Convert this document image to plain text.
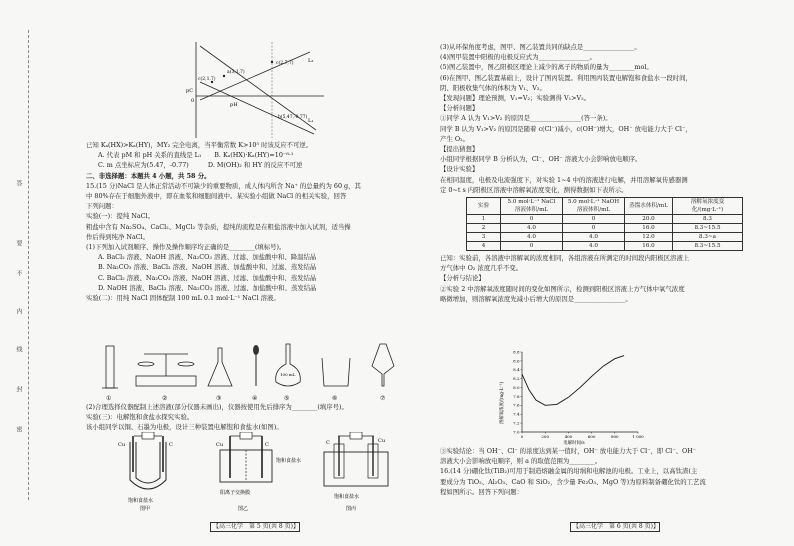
答
要
不
内
线
封
密
pC
0
pH
a(3,1.7)
c(2,1.7)
c(2.7,7)
b(5,47,-0.77)
L₂
L₁

已知 Kₐ(HX)>Kₐ(HY)，MY₂ 完全电离，当平衡常数 K>10⁵ 时该反应不可逆。

A. 代表 pM 和 pH 关系的直线是 L₁　　B. Kₐ(HX)·Kₐ(HY)=10⁻⁸·¹

C. m 点坐标应为(5.47，-0.77)　　　D. M(OH)₂ 和 HY 的反应不可逆

二、非选择题：本题共 4 小题，共 58 分。

15.(15 分)NaCl 是人体正常活动不可缺少的重要物质，成人体内所含 Na⁺ 的总量约为 60 g，其

中 80%存在于细胞外液中，即在血浆和细胞间液中。某实验小组做 NaCl 的相关实验，回答

下列问题：

实验(一)：提纯 NaCl。

粗盐中含有 Na₂SO₄、CaCl₂、MgCl₂ 等杂质，提纯的流程是在粗盐溶液中加入试剂，适当操

作后得到纯净 NaCl。

(1)下列加入试剂顺序、操作及操作顺序均正确的是________(填标号)。

A. BaCl₂ 溶液、NaOH 溶液、Na₂CO₃ 溶液、过滤、加盐酸中和、降温结晶

B. Na₂CO₃ 溶液、BaCl₂ 溶液、NaOH 溶液、加盐酸中和、过滤、蒸发结晶

C. BaCl₂ 溶液、Na₂CO₃ 溶液、NaOH 溶液、过滤、加盐酸中和、蒸发结晶

D. NaOH 溶液、BaCl₂ 溶液、Na₂CO₃ 溶液、过滤、加盐酸中和、蒸发结晶

实验(二)：用纯 NaCl 固体配制 100 mL 0.1 mol·L⁻¹ NaCl 溶液。

100 mL
①	②	③	④	⑤	⑥	⑦

(2)合理选择仪器配制上述溶液(部分仪器未画出)，仪器按使用先后排序为________(填序号)。

实验(三)：电解饱和食盐水探究实验。

该小组同学以铜、石墨为电极，设计三种装置电解饱和食盐水(如图)。

Cu	C
饱和食盐水
图甲
Cu	C
饱和食盐水
阳离子交换膜
图乙
C	Cu
饱和食盐水
图丙
【高三化学　第 5 页(共 8 页)】

(3)从环保角度考虑，图甲、图乙装置共同的缺点是________________。

(4)图甲装置中阳极的电极反应式为________________。

(5)图乙装置中，图乙阳极区理论上减少的离子的物质的量为________mol。

(6)在图甲、图乙装置基础上，设计了图丙装置。利用图丙装置电解饱和食盐水一段时间，

阴、阳极收集气体的体积为 V₁、V₂。

【发现问题】理论预测，V₁=V₂；实验测得 V₁>V₂。

【分析问题】

①同学 A 认为 V₁>V₂ 的原因是________________(答一条)。

同学 B 认为 V₁>V₂ 的原因是随着 c(Cl⁻)减小，c(OH⁻)增大，OH⁻ 放电能力大于 Cl⁻，

产生 O₂。

【提出猜想】

小组同学根据同学 B 分析认为，Cl⁻、OH⁻ 溶液大小会影响放电顺序。

【设计实验】

在相同温度，电极及电流强度下，对实验 1~4 中的溶液进行电解，并用溶解氧传感器测

定 0~t s 内阳极区溶液中溶解氧浓度变化，测得数据如下表所示。

实验	5.0 mol·L⁻¹ NaCl 溶液体积/mL	5.0 mol·L⁻¹ NaOH 溶液体积/mL	蒸馏水体积/mL	溶解氧浓度变化/(mg·L⁻¹)
1	0	0	20.0	8.3
2	4.0	0	16.0	8.3~15.5
3	4.0	4.0	12.0	8.3~a
4	0	4.0	16.0	8.3~15.5

已知：实验前，各溶液中溶解氧的浓度相同，各组溶液在所测定的时间段内阳极区溶液上

方气体中 O₂ 浓度几乎不变。

【分析与结论】

②实验 2 中溶解氧浓度随时间的变化如图所示，检测到阳极区溶液上方气体中氧气浓度

略微增加，则溶解氧浓度先减小后增大的原因是________________。

溶解氧浓度/(mg·L⁻¹)
电解时间/s
7.0
7.2
7.4
7.6
7.8
8.0
8.2
8.4
8.6
8.8
0	200	400	600	800	1 000

③实验结论：当 OH⁻、Cl⁻ 的浓度达到某一值时，OH⁻ 放电能力大于 Cl⁻，即 Cl⁻、OH⁻

溶液大小会影响放电顺序，则 a 的取值范围为________。

16.(14 分)硼化钛(TiB₂)可用于制造熔融金属的坩埚和电解池的电极。工业上，以高钛渣(主

要成分为 TiO₂、Al₂O₃、CaO 和 SiO₂，含少量 Fe₂O₃、MgO 等)为原料制备硼化钛的工艺流

程如图所示。回答下列问题：

【高三化学　第 6 页(共 8 页)】
